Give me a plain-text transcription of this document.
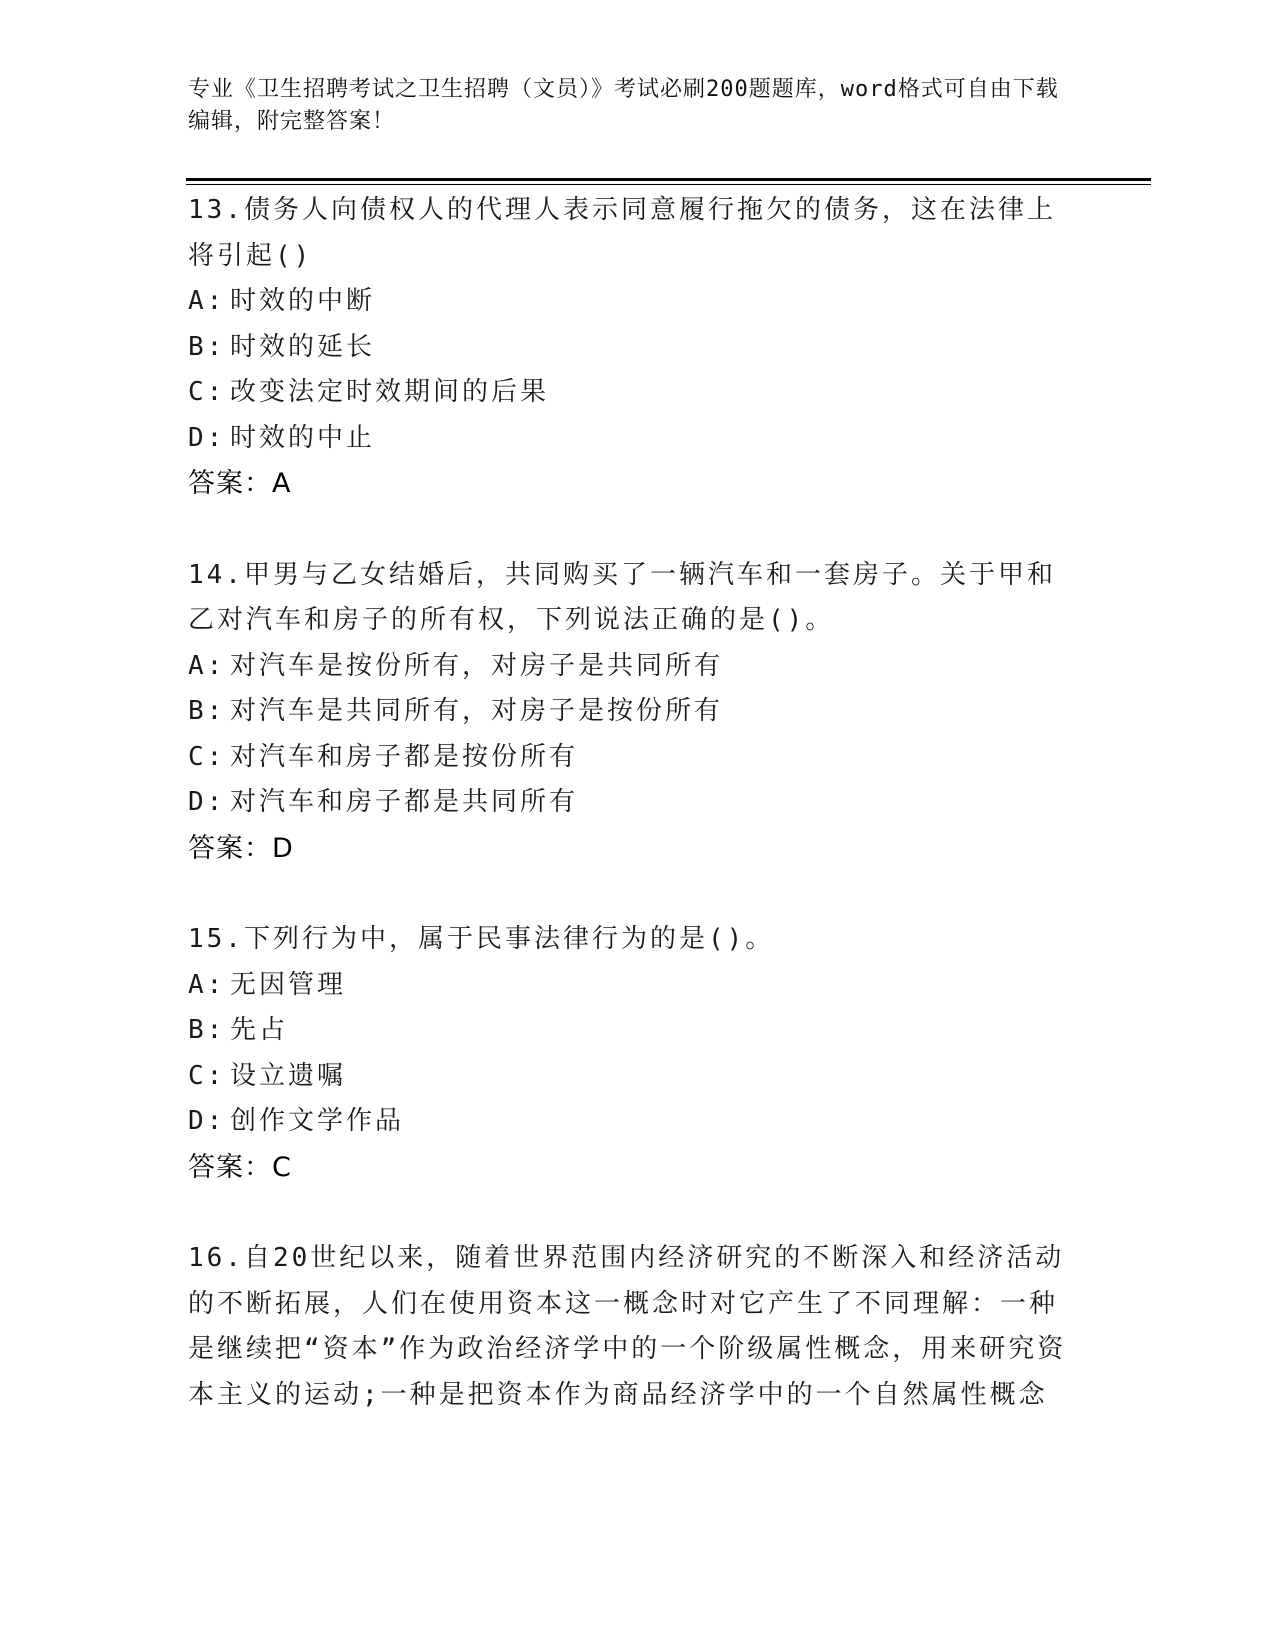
专业《卫生招聘考试之卫生招聘（文员）》考试必刷200题题库，word格式可自由下载编辑，附完整答案！

13.债务人向债权人的代理人表示同意履行拖欠的债务，这在法律上将引起()

A: 时效的中断

B: 时效的延长

C: 改变法定时效期间的后果

D: 时效的中止

答案：A

14.甲男与乙女结婚后，共同购买了一辆汽车和一套房子。关于甲和乙对汽车和房子的所有权，下列说法正确的是()。

A: 对汽车是按份所有，对房子是共同所有

B: 对汽车是共同所有，对房子是按份所有

C: 对汽车和房子都是按份所有

D: 对汽车和房子都是共同所有

答案：D

15.下列行为中，属于民事法律行为的是()。

A: 无因管理

B: 先占

C: 设立遗嘱

D: 创作文学作品

答案：C

16.自20世纪以来，随着世界范围内经济研究的不断深入和经济活动的不断拓展，人们在使用资本这一概念时对它产生了不同理解：一种是继续把“资本”作为政治经济学中的一个阶级属性概念，用来研究资本主义的运动;一种是把资本作为商品经济学中的一个自然属性概念
